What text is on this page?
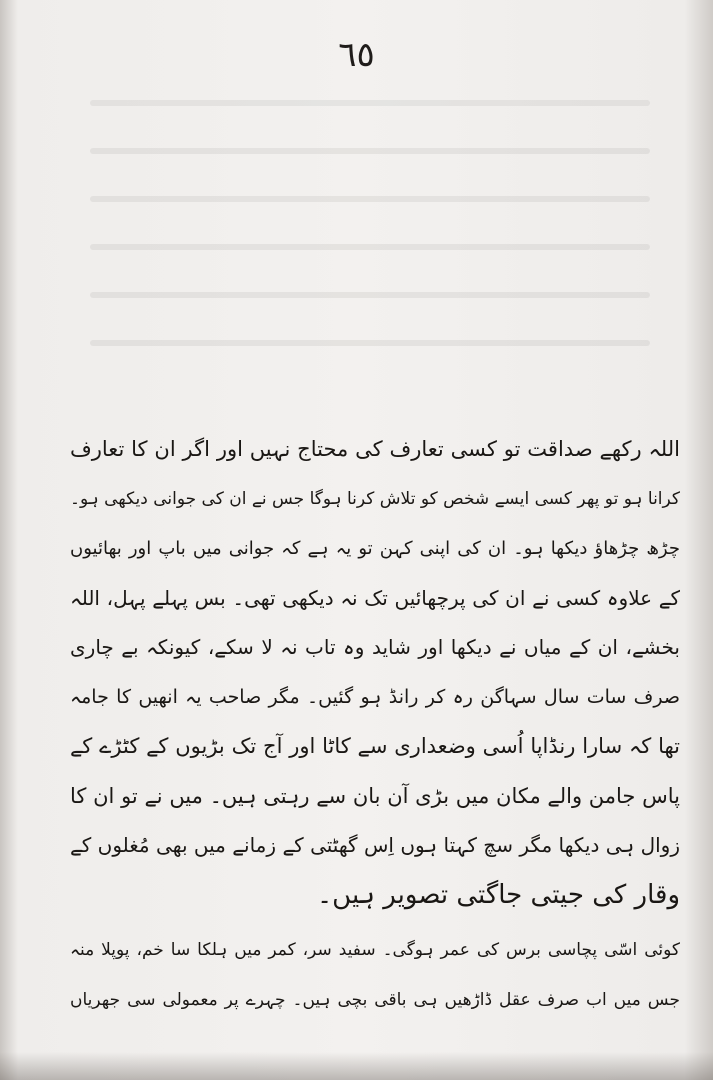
٦٥
اللہ رکھے صداقت تو کسی تعارف کی محتاج نہیں اور اگر ان کا تعارف
کرانا ہو تو پھر کسی ایسے شخص کو تلاش کرنا ہوگا جس نے ان کی جوانی دیکھی ہو۔
چڑھ چڑھاؤ دیکھا ہو۔ ان کی اپنی کہن تو یہ ہے کہ جوانی میں باپ اور بھائیوں
کے علاوہ کسی نے ان کی پرچھائیں تک نہ دیکھی تھی۔ بس پہلے پہل، اللہ
بخشے، ان کے میاں نے دیکھا اور شاید وہ تاب نہ لا سکے، کیونکہ بے چاری
صرف سات سال سہاگن رہ کر رانڈ ہو گئیں۔ مگر صاحب یہ انھیں کا جامہ
تھا کہ سارا رنڈاپا اُسی وضعداری سے کاٹا اور آج تک بڑیوں کے کٹڑے کے
پاس جامن والے مکان میں بڑی آن بان سے رہتی ہیں۔ میں نے تو ان کا
زوال ہی دیکھا مگر سچ کہتا ہوں اِس گھٹتی کے زمانے میں بھی مُغلوں کے
وقار کی جیتی جاگتی تصویر ہیں۔
کوئی اسّی پچاسی برس کی عمر ہوگی۔ سفید سر، کمر میں ہلکا سا خم، پوپلا منہ
جس میں اب صرف عقل ڈاڑھیں ہی باقی بچی ہیں۔ چہرے پر معمولی سی جھریاں
